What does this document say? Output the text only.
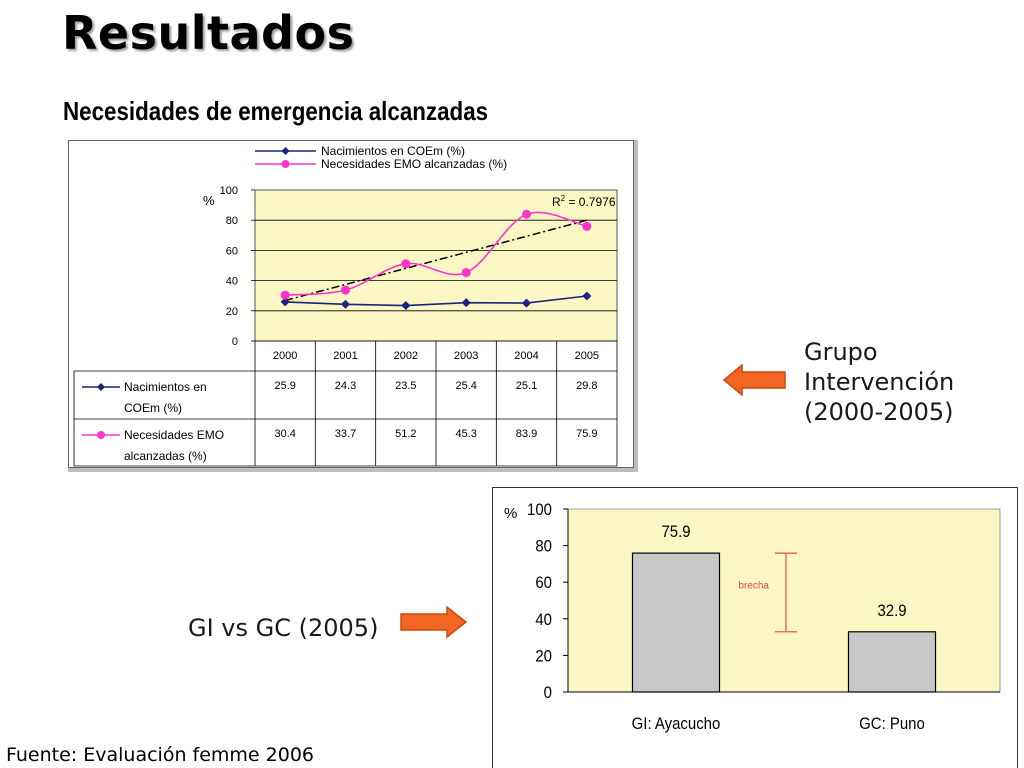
Resultados
Necesidades de emergencia alcanzadas
Nacimientos en COEm (%)
Necesidades EMO alcanzadas (%)
0
20
40
60
80
100
%	$R^2 = 0.7976$
2000	2001	2002	2003	2004	2005
Nacimientos en
COEm (%)
25.9	24.3	23.5	25.4	25.1	29.8
Necesidades EMO
alcanzadas (%)
30.4	33.7	51.2	45.3	83.9	75.9
%
0
20
40
60
80
100
75.9
GI: Ayacucho
32.9
GC: Puno
brecha
Grupo
Intervención
(2000-2005)
GI vs GC (2005)
Fuente: Evaluación femme 2006
